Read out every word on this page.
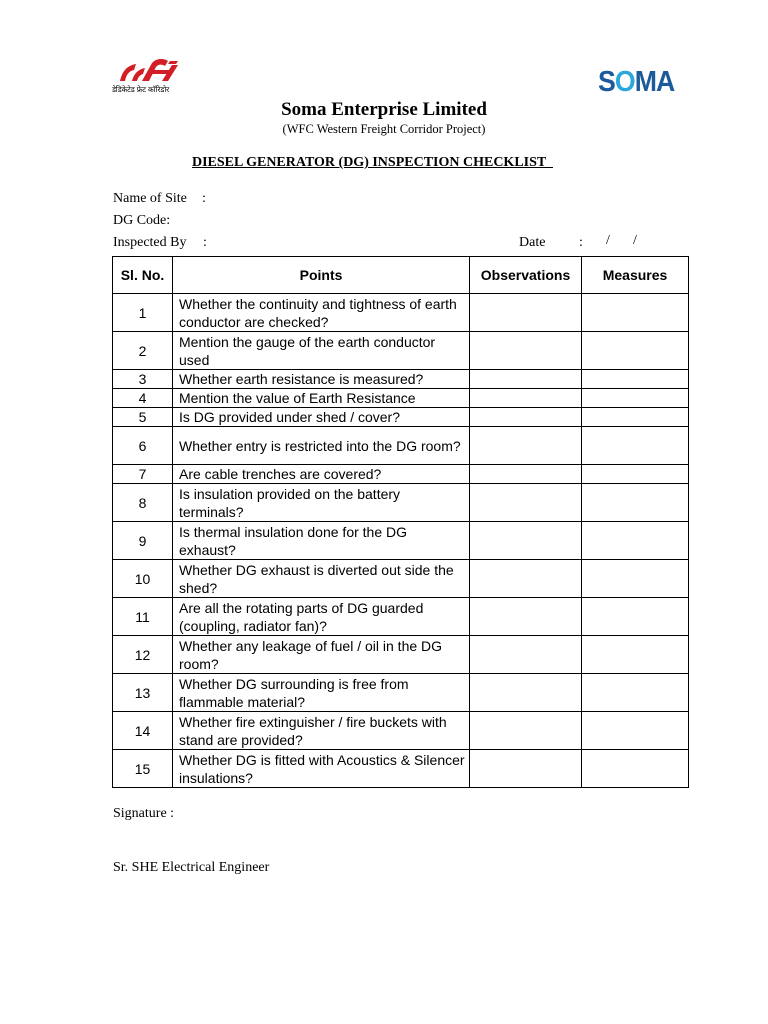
डेडिकेटेड फ्रेट कॉरिडोर	SOMA
Soma Enterprise Limited
(WFC Western Freight Corridor Project)
DIESEL GENERATOR (DG) INSPECTION CHECKLIST
Name of Site :
DG Code:
Inspected By :	Date : / /
Sl. No.	Points	Observations	Measures
1	Whether the continuity and tightness of earth conductor are checked?		
2	Mention the gauge of the earth conductor used		
3	Whether earth resistance is measured?		
4	Mention the value of Earth Resistance		
5	Is DG provided under shed / cover?		
6	Whether entry is restricted into the DG room?		
7	Are cable trenches are covered?		
8	Is insulation provided on the battery terminals?		
9	Is thermal insulation done for the DG exhaust?		
10	Whether DG exhaust is diverted out side the shed?		
11	Are all the rotating parts of DG guarded (coupling, radiator fan)?		
12	Whether any leakage of fuel / oil in the DG room?		
13	Whether DG surrounding is free from flammable material?		
14	Whether fire extinguisher / fire buckets with stand are provided?		
15	Whether DG is fitted with Acoustics & Silencer insulations?		
Signature :
Sr. SHE Electrical Engineer
